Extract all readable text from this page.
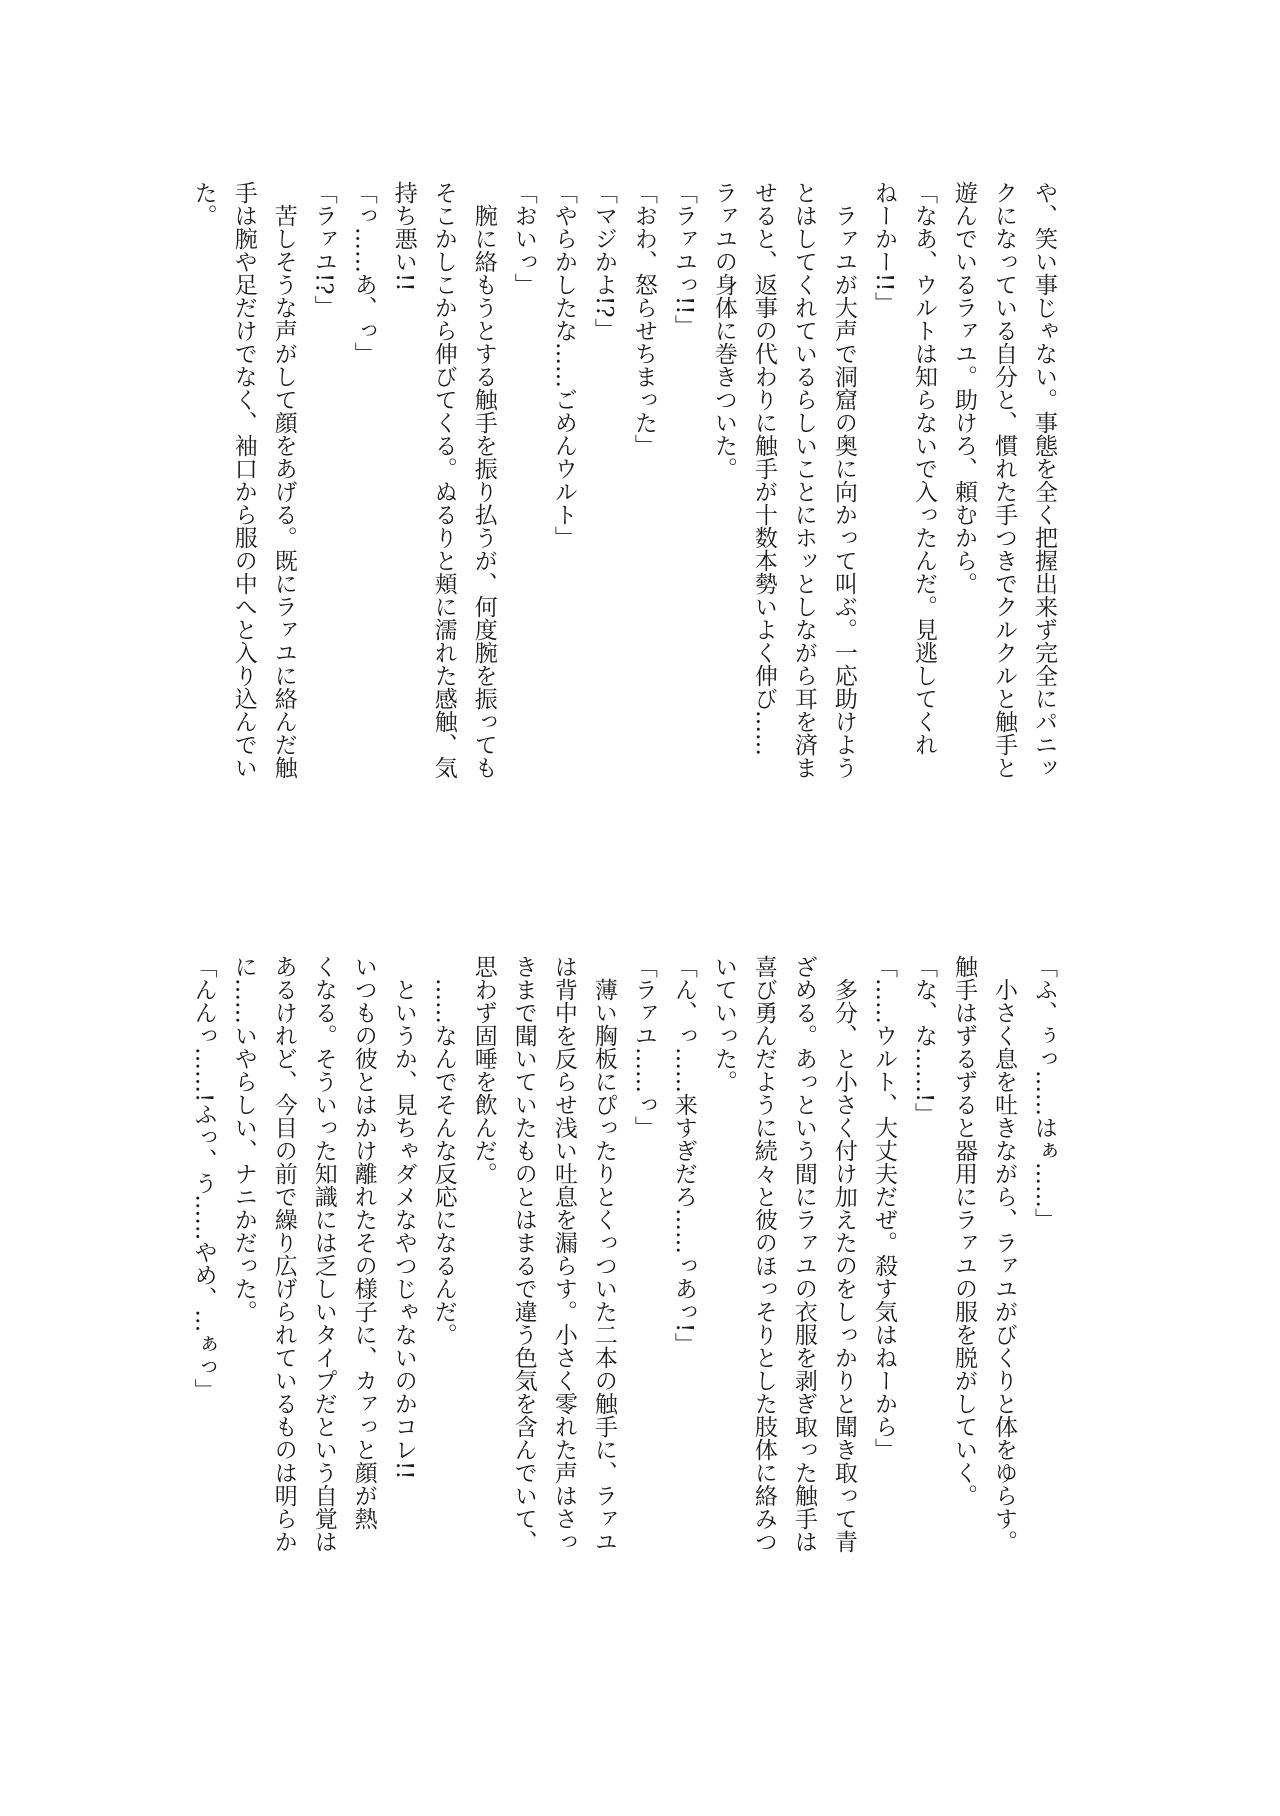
や、笑い事じゃない。事態を全く把握出来ず完全にパニッ
クになっている自分と、慣れた手つきでクルクルと触手と
遊んでいるラァユ。助けろ、頼むから。
「なあ、ウルトは知らないで入ったんだ。見逃してくれ
ねーかー!!」
　ラァユが大声で洞窟の奥に向かって叫ぶ。一応助けよう
とはしてくれているらしいことにホッとしながら耳を済ま
せると、返事の代わりに触手が十数本勢いよく伸び……
ラァユの身体に巻きついた。
「ラァユっ!!」
「おわ、怒らせちまった」
「マジかよ!?」
「やらかしたな……ごめんウルト」
「おいっ」
　腕に絡もうとする触手を振り払うが、何度腕を振っても
そこかしこから伸びてくる。ぬるりと頬に濡れた感触、気
持ち悪い!!
「っ……あ、っ」
「ラァユ!?」
　苦しそうな声がして顔をあげる。既にラァユに絡んだ触
手は腕や足だけでなく、袖口から服の中へと入り込んでい
た。
「ふ、ぅっ……はぁ……」
　小さく息を吐きながら、ラァユがびくりと体をゆらす。
触手はずるずると器用にラァユの服を脱がしていく。
「な、な……!」
「……ウルト、大丈夫だぜ。殺す気はねーから」
　多分、と小さく付け加えたのをしっかりと聞き取って青
ざめる。あっという間にラァユの衣服を剥ぎ取った触手は
喜び勇んだように続々と彼のほっそりとした肢体に絡みつ
いていった。
「ん、っ……来すぎだろ……っあっ!」
「ラァユ……っ」
　薄い胸板にぴったりとくっついた二本の触手に、ラァユ
は背中を反らせ浅い吐息を漏らす。小さく零れた声はさっ
きまで聞いていたものとはまるで違う色気を含んでいて、
思わず固唾を飲んだ。
　……なんでそんな反応になるんだ。
　というか、見ちゃダメなやつじゃないのかコレ!!
いつもの彼とはかけ離れたその様子に、カァっと顔が熱
くなる。そういった知識には乏しいタイプだという自覚は
あるけれど、今目の前で繰り広げられているものは明らか
に……いやらしい、ナニかだった。
「んんっ……!ふっ、う……やめ、…ぁっ」
